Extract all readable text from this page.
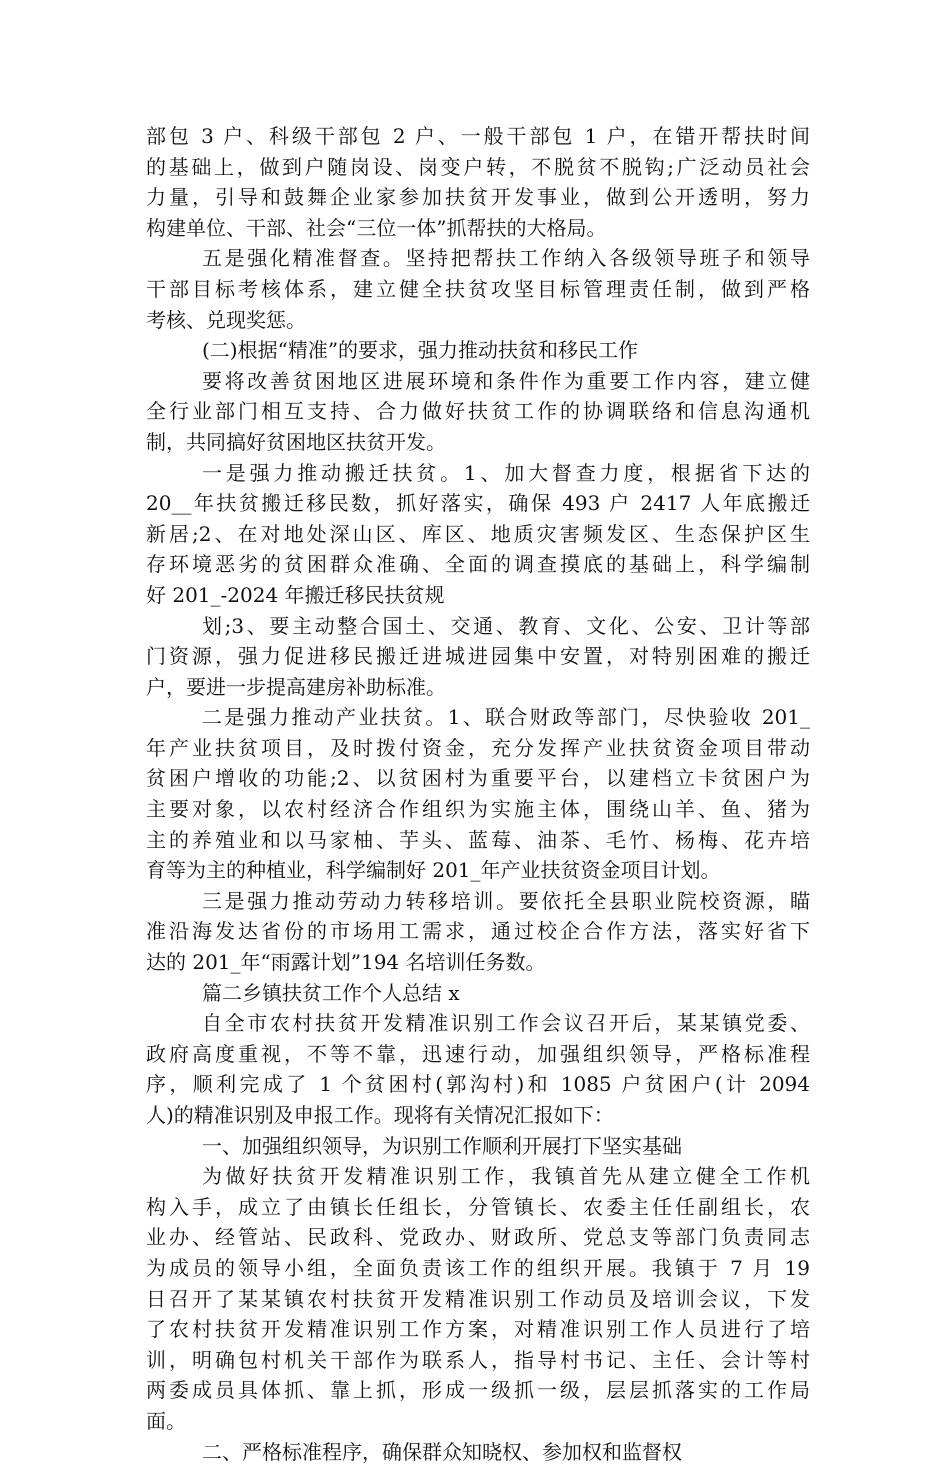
部包 3 户、科级干部包 2 户、一般干部包 1 户，在错开帮扶时间
的基础上，做到户随岗设、岗变户转，不脱贫不脱钩;广泛动员社会
力量，引导和鼓舞企业家参加扶贫开发事业，做到公开透明，努力
构建单位、干部、社会“三位一体”抓帮扶的大格局。
五是强化精准督查。坚持把帮扶工作纳入各级领导班子和领导
干部目标考核体系，建立健全扶贫攻坚目标管理责任制，做到严格
考核、兑现奖惩。
(二)根据“精准”的要求，强力推动扶贫和移民工作
要将改善贫困地区进展环境和条件作为重要工作内容，建立健
全行业部门相互支持、合力做好扶贫工作的协调联络和信息沟通机
制，共同搞好贫困地区扶贫开发。
一是强力推动搬迁扶贫。1、加大督查力度，根据省下达的
20__年扶贫搬迁移民数，抓好落实，确保 493 户 2417 人年底搬迁
新居;2、在对地处深山区、库区、地质灾害频发区、生态保护区生
存环境恶劣的贫困群众准确、全面的调查摸底的基础上，科学编制
好 201_-2024 年搬迁移民扶贫规
划;3、要主动整合国土、交通、教育、文化、公安、卫计等部
门资源，强力促进移民搬迁进城进园集中安置，对特别困难的搬迁
户，要进一步提高建房补助标准。
二是强力推动产业扶贫。1、联合财政等部门，尽快验收 201_
年产业扶贫项目，及时拨付资金，充分发挥产业扶贫资金项目带动
贫困户增收的功能;2、以贫困村为重要平台，以建档立卡贫困户为
主要对象，以农村经济合作组织为实施主体，围绕山羊、鱼、猪为
主的养殖业和以马家柚、芋头、蓝莓、油茶、毛竹、杨梅、花卉培
育等为主的种植业，科学编制好 201_年产业扶贫资金项目计划。
三是强力推动劳动力转移培训。要依托全县职业院校资源，瞄
准沿海发达省份的市场用工需求，通过校企合作方法，落实好省下
达的 201_年“雨露计划”194 名培训任务数。
篇二乡镇扶贫工作个人总结 x
自全市农村扶贫开发精准识别工作会议召开后，某某镇党委、
政府高度重视，不等不靠，迅速行动，加强组织领导，严格标准程
序，顺利完成了 1 个贫困村(郭沟村)和 1085 户贫困户(计 2094
人)的精准识别及申报工作。现将有关情况汇报如下：
一、加强组织领导，为识别工作顺利开展打下坚实基础
为做好扶贫开发精准识别工作，我镇首先从建立健全工作机
构入手，成立了由镇长任组长，分管镇长、农委主任任副组长，农
业办、经管站、民政科、党政办、财政所、党总支等部门负责同志
为成员的领导小组，全面负责该工作的组织开展。我镇于 7 月 19
日召开了某某镇农村扶贫开发精准识别工作动员及培训会议，下发
了农村扶贫开发精准识别工作方案，对精准识别工作人员进行了培
训，明确包村机关干部作为联系人，指导村书记、主任、会计等村
两委成员具体抓、靠上抓，形成一级抓一级，层层抓落实的工作局
面。
二、严格标准程序，确保群众知晓权、参加权和监督权
